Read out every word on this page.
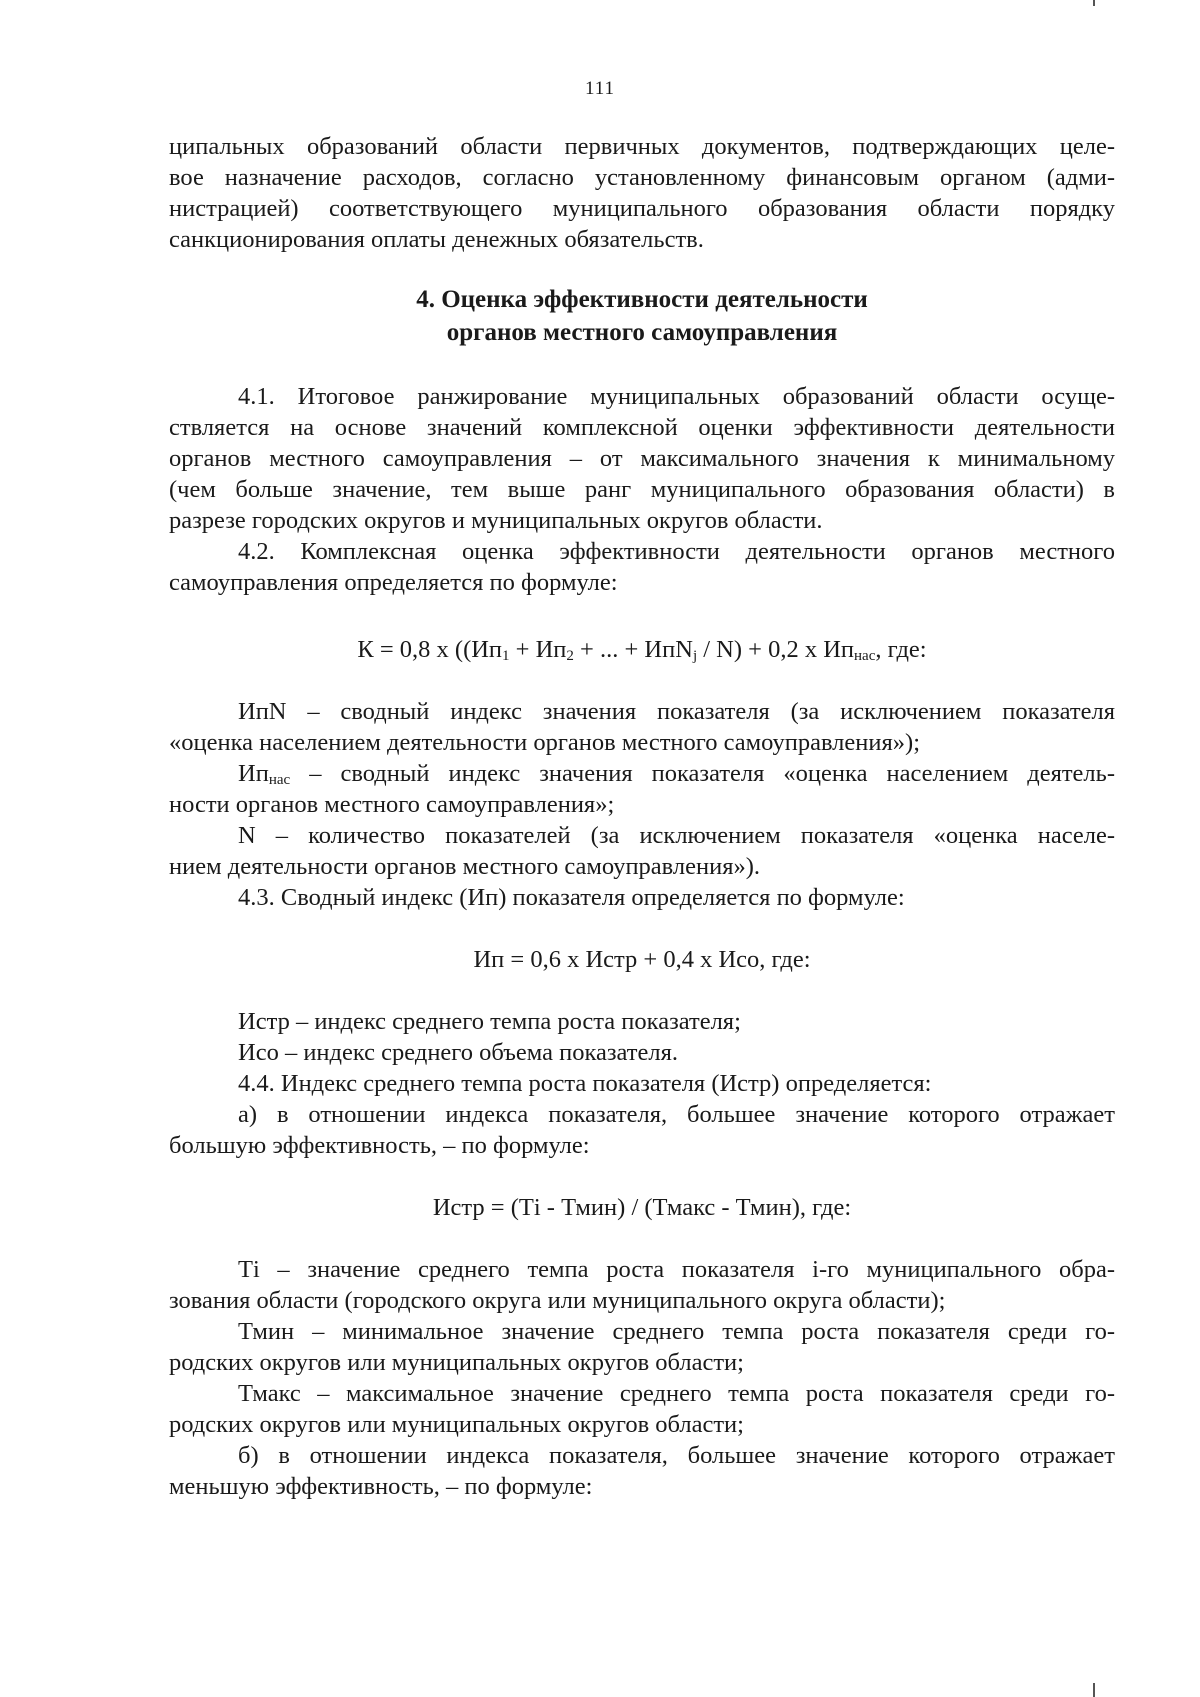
111

ципальных образований области первичных документов, подтверждающих целе-

вое назначение расходов, согласно установленному финансовым органом (адми-

нистрацией) соответствующего муниципального образования области порядку

санкционирования оплаты денежных обязательств.

4. Оценка эффективности деятельности

органов местного самоуправления

4.1. Итоговое ранжирование муниципальных образований области осуще-

ствляется на основе значений комплексной оценки эффективности деятельности

органов местного самоуправления – от максимального значения к минимальному

(чем больше значение, тем выше ранг муниципального образования области) в

разрезе городских округов и муниципальных округов области.

4.2. Комплексная оценка эффективности деятельности органов местного

самоуправления определяется по формуле:

К = 0,8 х (($Ип_1 + Ип_2$ + ... + ИпN$_j$ / N) + 0,2 х $Ип_{нас}$, где:

ИпN – сводный индекс значения показателя (за исключением показателя

«оценка населением деятельности органов местного самоуправления»);

$Ип_{нас}$ – сводный индекс значения показателя «оценка населением деятель-

ности органов местного самоуправления»;

N – количество показателей (за исключением показателя «оценка населе-

нием деятельности органов местного самоуправления»).

4.3. Сводный индекс (Ип) показателя определяется по формуле:

Ип = 0,6 х Истр + 0,4 х Исо, где:

Истр – индекс среднего темпа роста показателя;

Исо – индекс среднего объема показателя.

4.4. Индекс среднего темпа роста показателя (Истр) определяется:

а) в отношении индекса показателя, большее значение которого отражает

большую эффективность, – по формуле:

Истр = (Тi - Тмин) / (Тмакс - Тмин), где:

Тi – значение среднего темпа роста показателя i-го муниципального обра-

зования области (городского округа или муниципального округа области);

Тмин – минимальное значение среднего темпа роста показателя среди го-

родских округов или муниципальных округов области;

Тмакс – максимальное значение среднего темпа роста показателя среди го-

родских округов или муниципальных округов области;

б) в отношении индекса показателя, большее значение которого отражает

меньшую эффективность, – по формуле:
